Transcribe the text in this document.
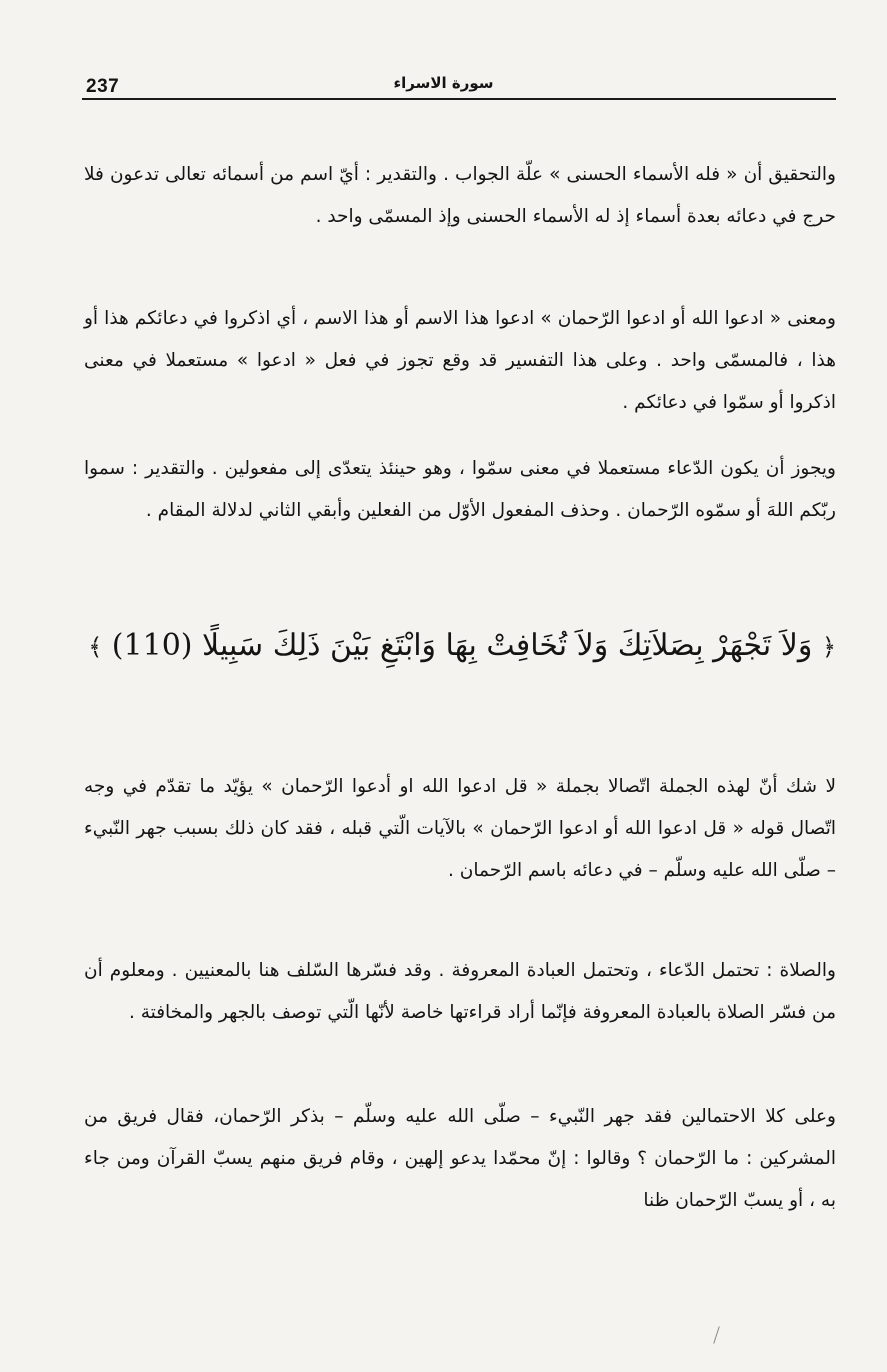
237	سورة الاسراء

والتحقيق أن « فله الأسماء الحسنى » علّة الجواب . والتقدير : أيّ اسم من أسمائه تعالى تدعون فلا حرج في دعائه بعدة أسماء إذ له الأسماء الحسنى وإذ المسمّى واحد .

ومعنى « ادعوا الله أو ادعوا الرّحمان » ادعوا هذا الاسم أو هذا الاسم ، أي اذكروا في دعائكم هذا أو هذا ، فالمسمّى واحد . وعلى هذا التفسير قد وقع تجوز في فعل « ادعوا » مستعملا في معنى اذكروا أو سمّوا في دعائكم .

ويجوز أن يكون الدّعاء مستعملا في معنى سمّوا ، وهو حينئذ يتعدّى إلى مفعولين . والتقدير : سموا ربّكم اللهَ أو سمّوه الرّحمان . وحذف المفعول الأوّل من الفعلين وأبقي الثاني لدلالة المقام .

﴿ وَلاَ تَجْهَرْ بِصَلاَتِكَ وَلاَ تُخَافِتْ بِهَا وَابْتَغِ بَيْنَ ذَلِكَ سَبِيلًا (110) ﴾

لا شك أنّ لهذه الجملة اتّصالا بجملة « قل ادعوا الله او أدعوا الرّحمان » يؤيّد ما تقدّم في وجه اتّصال قوله « قل ادعوا الله أو ادعوا الرّحمان » بالآيات الّتي قبله ، فقد كان ذلك بسبب جهر النّبيء – صلّى الله عليه وسلّم – في دعائه باسم الرّحمان .

والصلاة : تحتمل الدّعاء ، وتحتمل العبادة المعروفة . وقد فسّرها السّلف هنا بالمعنيين . ومعلوم أن من فسّر الصلاة بالعبادة المعروفة فإنّما أراد قراءتها خاصة لأنّها الّتي توصف بالجهر والمخافتة .

وعلى كلا الاحتمالين فقد جهر النّبيء – صلّى الله عليه وسلّم – بذكر الرّحمان، فقال فريق من المشركين : ما الرّحمان ؟ وقالوا : إنّ محمّدا يدعو إلهين ، وقام فريق منهم يسبّ القرآن ومن جاء به ، أو يسبّ الرّحمان ظنا
